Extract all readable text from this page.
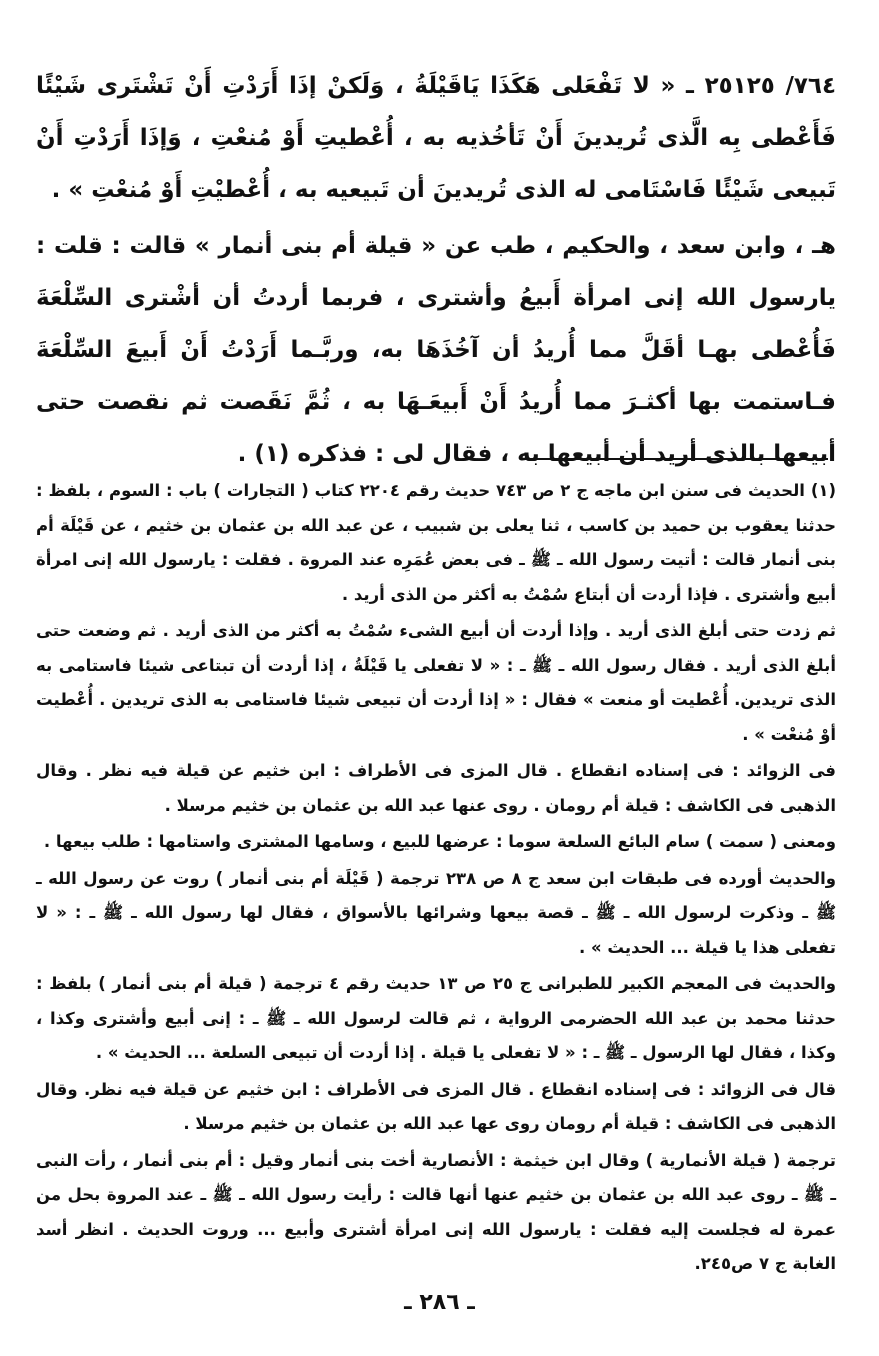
٧٦٤/ ٢٥١٢٥ ـ « لا تَفْعَلى هَكَذَا يَاقَيْلَةُ ، وَلَكنْ إذَا أَرَدْتِ أَنْ تَشْتَرى شَيْئًا فَأَعْطى بِه الَّذى تُريدينَ أَنْ تَأخُذيه به ، أُعْطيتِ أَوْ مُنعْتِ ، وَإذَا أَرَدْتِ أَنْ تَبيعى شَيْئًا فَاسْتَامى له الذى تُريدينَ أن تَبيعيه به ، أُعْطيْتِ أَوْ مُنعْتِ » .

هـ ، وابن سعد ، والحكيم ، طب عن « قيلة أم بنى أنمار » قالت : قلت : يارسول الله إنى امرأة أَبيعُ وأشترى ، فربما أردتُ أن أشْترى السِّلْعَةَ فَأُعْطى بهـا أقَلَّ مما أُريدُ أن آخُذَهَا به، وربَّـما أَرَدْتُ أَنْ أَبيعَ السِّلْعَةَ فـاستمت بها أكثـرَ مما أُريدُ أَنْ أَبيعَـهَا به ، ثُمَّ نَقَصت ثم نقصت حتى أبيعها بالذى أريد أن أبيعها به ، فقال لى : فذكره (١) .

(١) الحديث فى سنن ابن ماجه ج ٢ ص ٧٤٣ حديث رقم ٢٢٠٤ كتاب ( التجارات ) باب : السوم ، بلفظ : حدثنا يعقوب بن حميد بن كاسب ، ثنا يعلى بن شبيب ، عن عبد الله بن عثمان بن خثيم ، عن قَيْلَة أم بنى أنمار قالت : أتيت رسول الله ـ ﷺ ـ فى بعض عُمَرِه عند المروة . فقلت : يارسول الله إنى امرأة أبيع وأشترى . فإذا أردت أن أبتاع سُمْتُ به أكثر من الذى أريد .

ثم زدت حتى أبلغ الذى أريد . وإذا أردت أن أبيع الشىء سُمْتُ به أكثر من الذى أريد . ثم وضعت حتى أبلغ الذى أريد . فقال رسول الله ـ ﷺ ـ : « لا تفعلى يا قَيْلَةُ ، إذا أردت أن تبتاعى شيئا فاستامى به الذى تريدين. أُعْطيت أو منعت » فقال : « إذا أردت أن تبيعى شيئا فاستامى به الذى تريدين . أُعْطيت أوْ مُنعْت » .

فى الزوائد : فى إسناده انقطاع . قال المزى فى الأطراف : ابن خثيم عن قيلة فيه نظر . وقال الذهبى فى الكاشف : قيلة أم رومان . روى عنها عبد الله بن عثمان بن خثيم مرسلا .

ومعنى ( سمت ) سام البائع السلعة سوما : عرضها للبيع ، وسامها المشترى واستامها : طلب بيعها .

والحديث أورده فى طبقات ابن سعد ج ٨ ص ٢٣٨ ترجمة ( قَيْلَة أم بنى أنمار ) روت عن رسول الله ـ ﷺ ـ وذكرت لرسول الله ـ ﷺ ـ قصة بيعها وشرائها بالأسواق ، فقال لها رسول الله ـ ﷺ ـ : « لا تفعلى هذا يا قيلة ... الحديث » .

والحديث فى المعجم الكبير للطبرانى ج ٢٥ ص ١٣ حديث رقم ٤ ترجمة ( قيلة أم بنى أنمار ) بلفظ : حدثنا محمد بن عبد الله الحضرمى الرواية ، ثم قالت لرسول الله ـ ﷺ ـ : إنى أبيع وأشترى وكذا ، وكذا ، فقال لها الرسول ـ ﷺ ـ : « لا تفعلى يا قيلة . إذا أردت أن تبيعى السلعة ... الحديث » .

قال فى الزوائد : فى إسناده انقطاع . قال المزى فى الأطراف : ابن خثيم عن قيلة فيه نظر. وقال الذهبى فى الكاشف : قيلة أم رومان روى عها عبد الله بن عثمان بن خثيم مرسلا .

ترجمة ( قيلة الأنمارية ) وقال ابن خيثمة : الأنصارية أخت بنى أنمار وقيل : أم بنى أنمار ، رأت النبى ـ ﷺ ـ روى عبد الله بن عثمان بن خثيم عنها أنها قالت : رأيت رسول الله ـ ﷺ ـ عند المروة بحل من عمرة له فجلست إليه فقلت : يارسول الله إنى امرأة أشترى وأبيع ... وروت الحديث . انظر أسد الغابة ج ٧ ص٢٤٥.

ـ ٢٨٦ ـ
